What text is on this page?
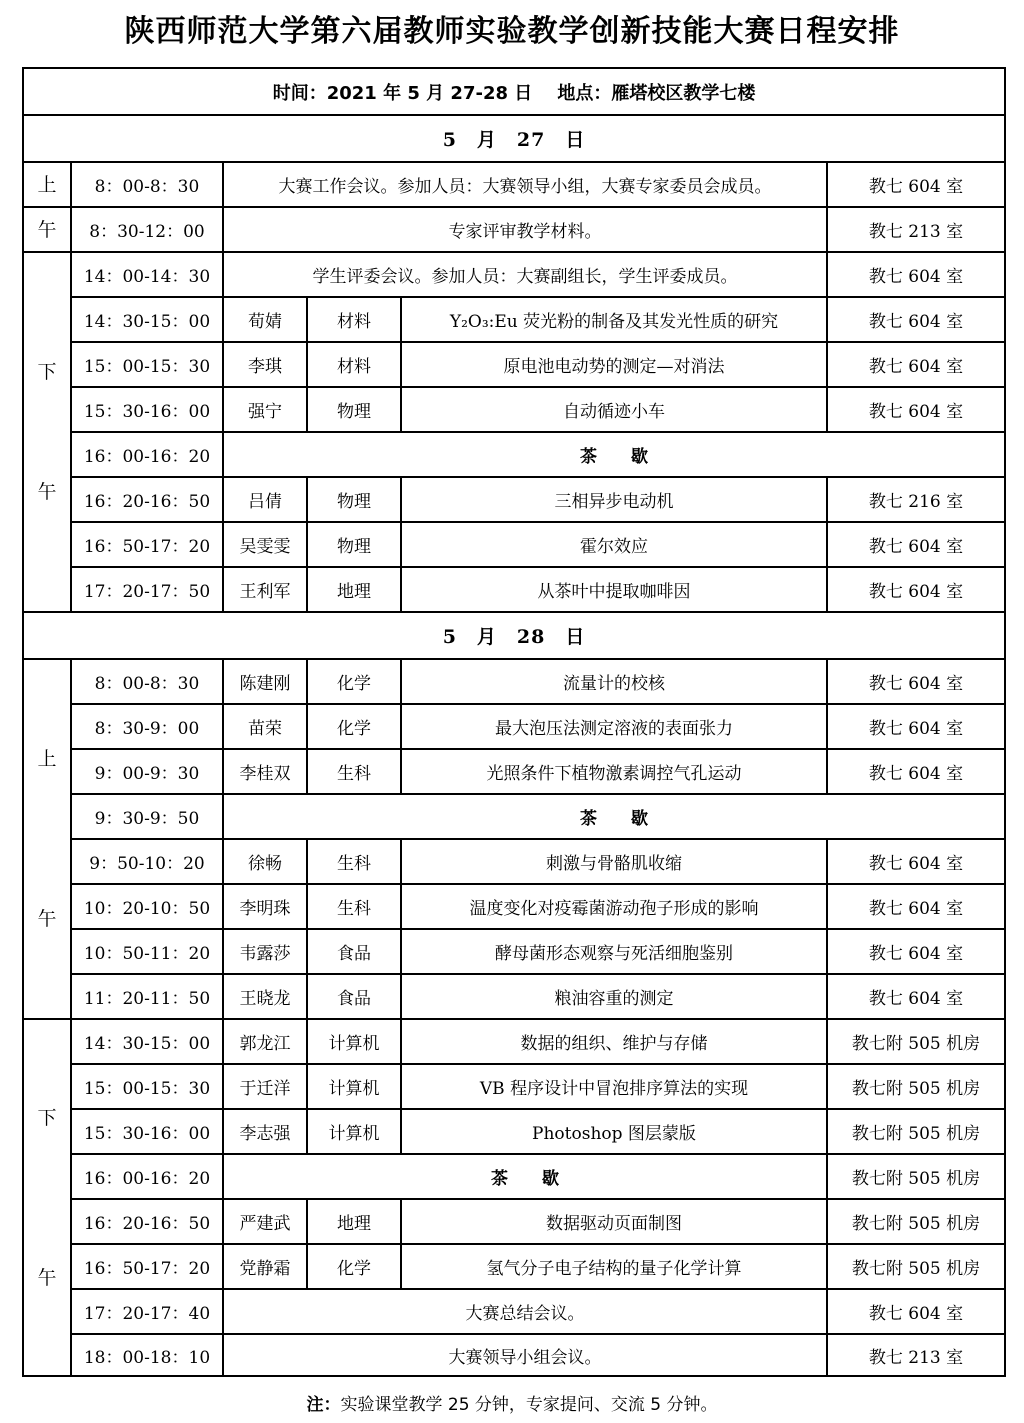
陕西师范大学第六届教师实验教学创新技能大赛日程安排
时间：2021 年 5 月 27-28 日    地点：雁塔校区教学七楼					
5　月　27　日					
上	8：00-8：30	大赛工作会议。参加人员：大赛领导小组，大赛专家委员会成员。			教七 604 室
午	8：30-12：00	专家评审教学材料。			教七 213 室
下

午	14：00-14：30	学生评委会议。参加人员：大赛副组长，学生评委成员。			教七 604 室
	14：30-15：00	荀婧	材料	Y₂O₃:Eu 荧光粉的制备及其发光性质的研究	教七 604 室
	15：00-15：30	李琪	材料	原电池电动势的测定—对消法	教七 604 室
	15：30-16：00	强宁	物理	自动循迹小车	教七 604 室
	16：00-16：20	茶　　歇			
	16：20-16：50	吕倩	物理	三相异步电动机	教七 216 室
	16：50-17：20	吴雯雯	物理	霍尔效应	教七 604 室
	17：20-17：50	王利军	地理	从茶叶中提取咖啡因	教七 604 室
5　月　28　日					
上

午	8：00-8：30	陈建刚	化学	流量计的校核	教七 604 室
	8：30-9：00	苗荣	化学	最大泡压法测定溶液的表面张力	教七 604 室
	9：00-9：30	李桂双	生科	光照条件下植物激素调控气孔运动	教七 604 室
	9：30-9：50	茶　　歇			
	9：50-10：20	徐畅	生科	刺激与骨骼肌收缩	教七 604 室
	10：20-10：50	李明珠	生科	温度变化对疫霉菌游动孢子形成的影响	教七 604 室
	10：50-11：20	韦露莎	食品	酵母菌形态观察与死活细胞鉴别	教七 604 室
	11：20-11：50	王晓龙	食品	粮油容重的测定	教七 604 室
下

午	14：30-15：00	郭龙江	计算机	数据的组织、维护与存储	教七附 505 机房
	15：00-15：30	于迁洋	计算机	VB 程序设计中冒泡排序算法的实现	教七附 505 机房
	15：30-16：00	李志强	计算机	Photoshop 图层蒙版	教七附 505 机房
	16：00-16：20	茶　　歇			教七附 505 机房
	16：20-16：50	严建武	地理	数据驱动页面制图	教七附 505 机房
	16：50-17：20	党静霜	化学	氢气分子电子结构的量子化学计算	教七附 505 机房
	17：20-17：40	大赛总结会议。			教七 604 室
	18：00-18：10	大赛领导小组会议。			教七 213 室
注：实验课堂教学 25 分钟，专家提问、交流 5 分钟。
